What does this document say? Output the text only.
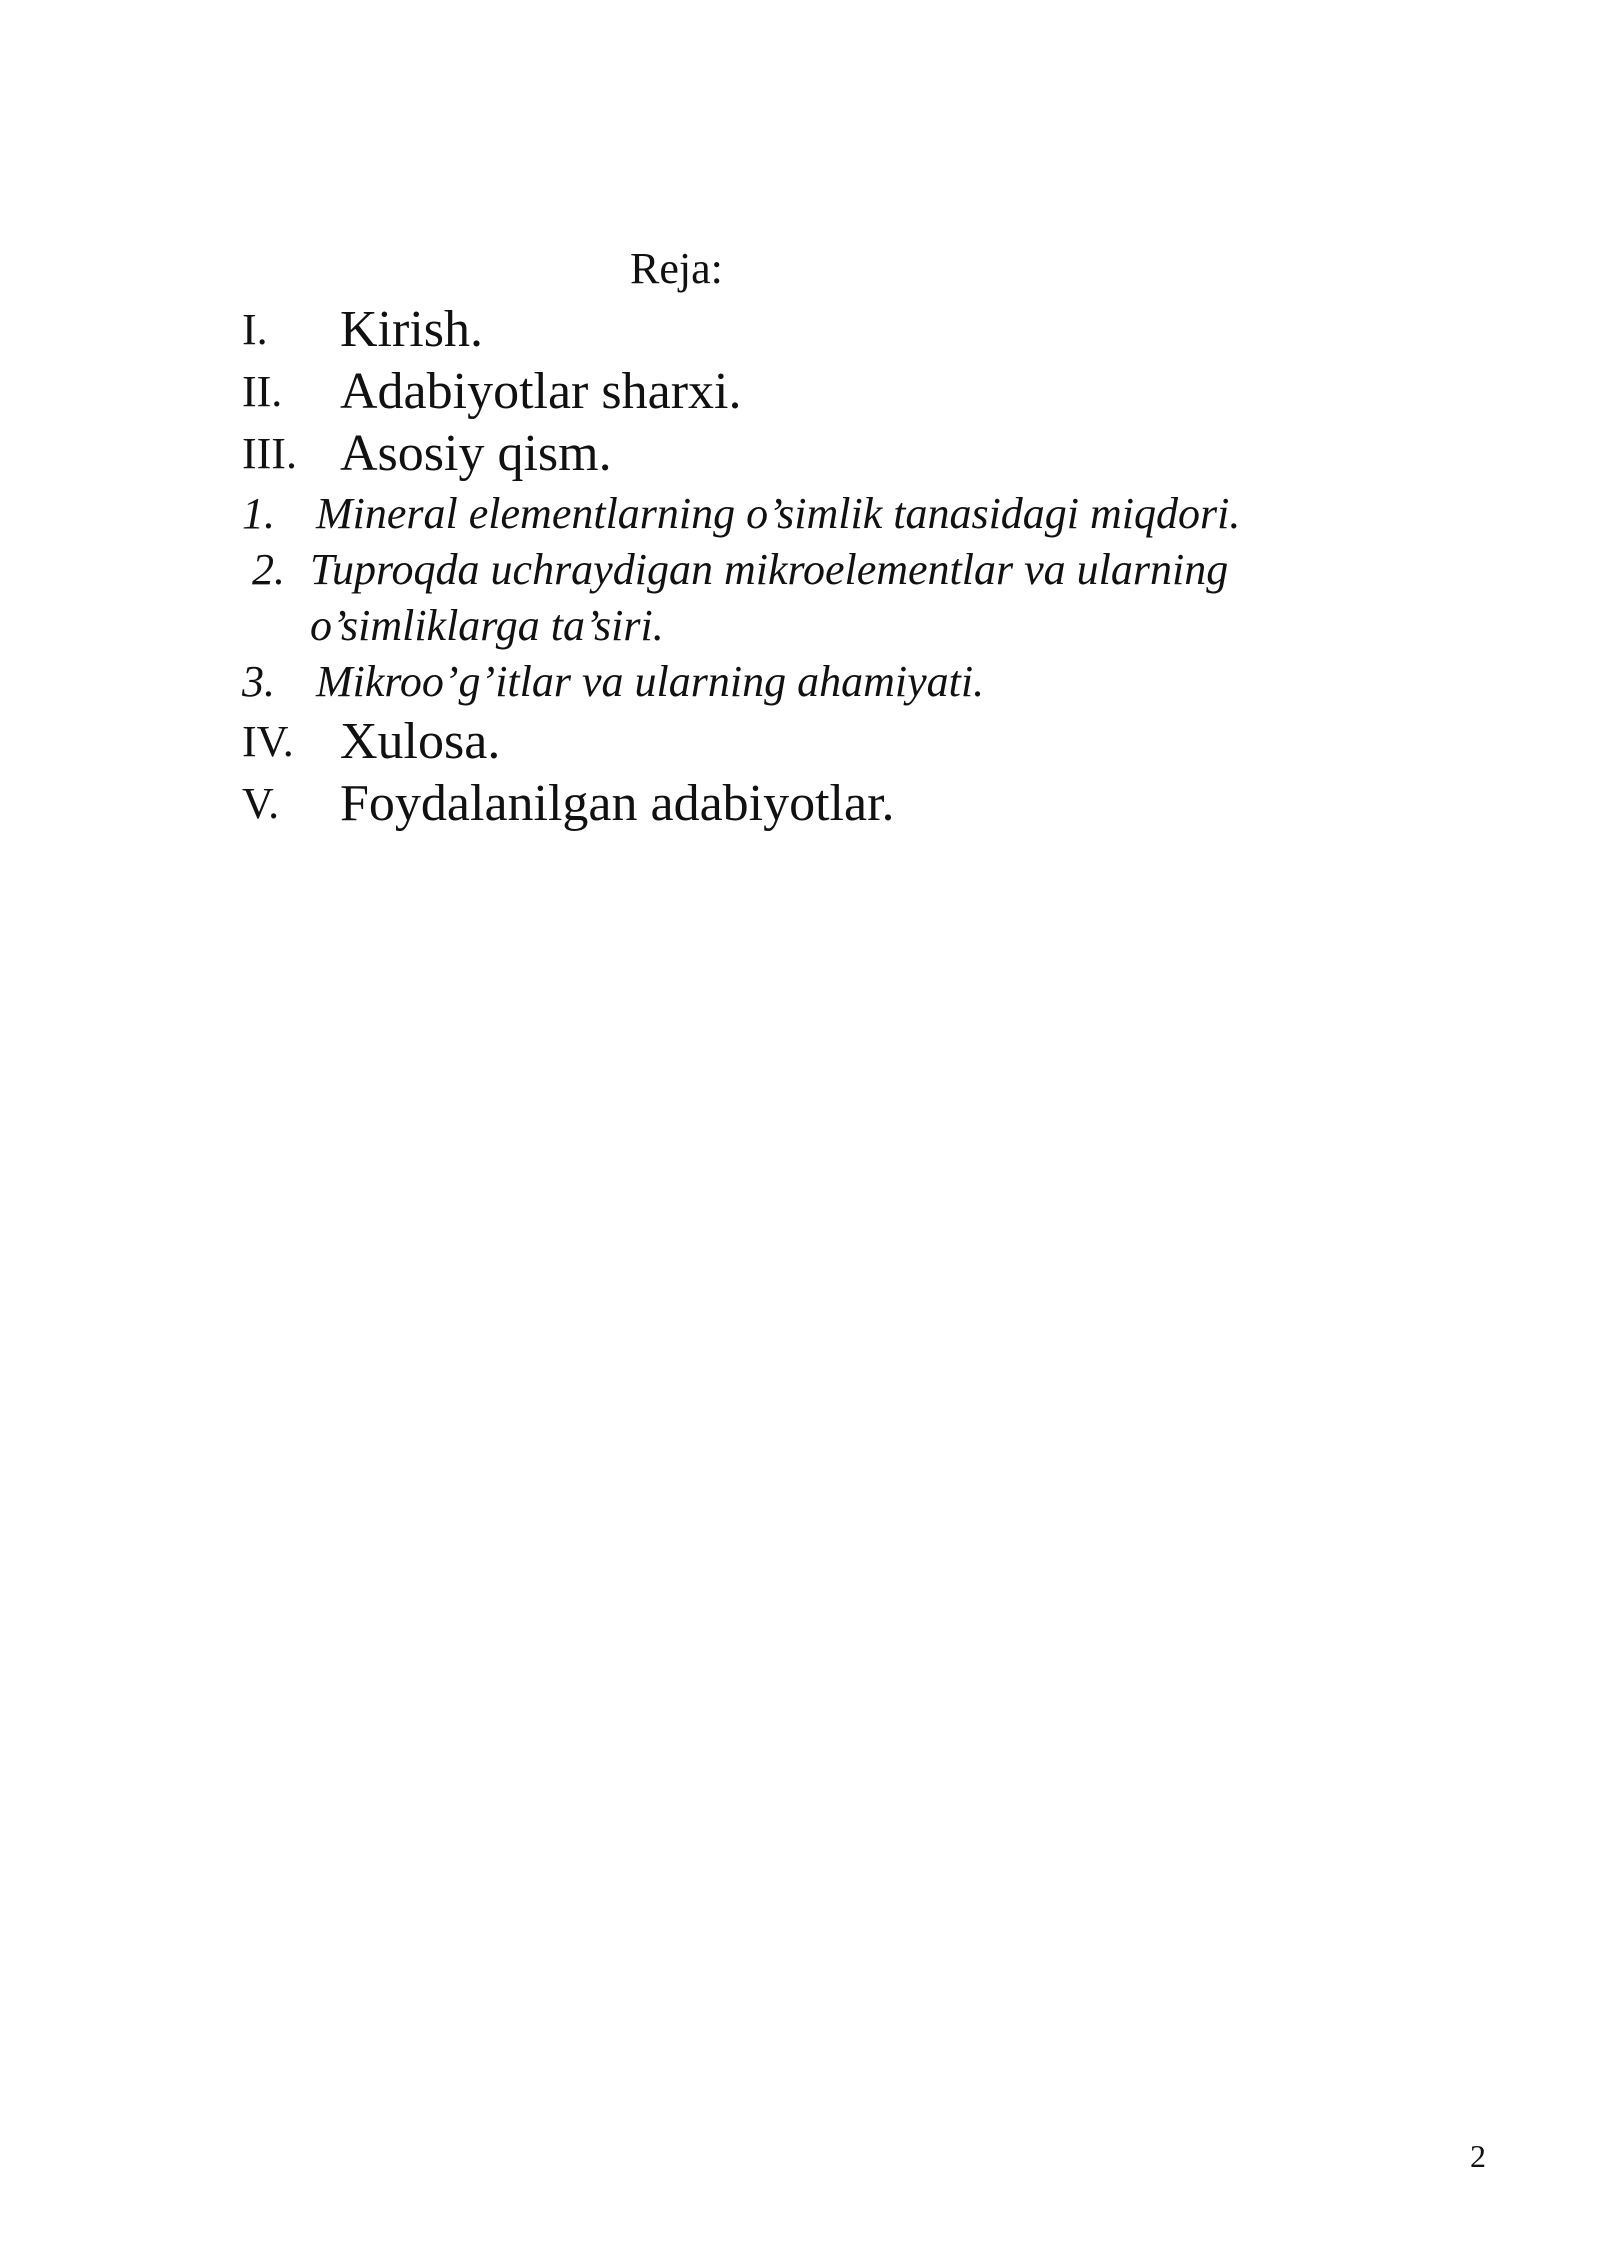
Reja:
I. Kirish.
II. Adabiyotlar sharxi.
III. Asosiy qism.
1. Mineral elementlarning o’simlik tanasidagi miqdori.
2. Tuproqda uchraydigan mikroelementlar va ularning
o’simliklarga ta’siri.
3. Mikroo’g’itlar va ularning ahamiyati.
IV. Xulosa.
V. Foydalanilgan adabiyotlar.
2
